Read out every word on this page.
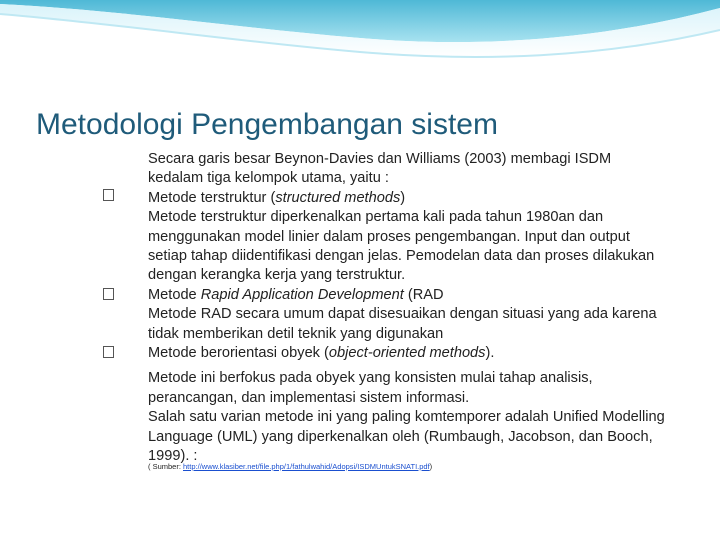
Metodologi Pengembangan sistem

Secara garis besar Beynon-Davies dan Williams (2003) membagi ISDM kedalam tiga kelompok utama, yaitu :

Metode terstruktur (structured methods)

Metode terstruktur diperkenalkan pertama kali pada tahun 1980an dan menggunakan model linier dalam proses pengembangan. Input dan output setiap tahap diidentifikasi dengan jelas. Pemodelan data dan proses dilakukan dengan kerangka kerja yang terstruktur.

Metode Rapid Application Development (RAD

Metode RAD secara umum dapat disesuaikan dengan situasi yang ada karena tidak memberikan detil teknik yang digunakan

Metode berorientasi obyek (object-oriented methods).

Metode ini berfokus pada obyek yang konsisten mulai tahap analisis, perancangan, dan implementasi sistem informasi.

Salah satu varian metode ini yang paling komtemporer adalah Unified Modelling Language (UML) yang diperkenalkan oleh (Rumbaugh, Jacobson, dan Booch, 1999). :

( Sumber: http://www.klasiber.net/file.php/1/fathulwahid/Adopsi/ISDMUntukSNATI.pdf)
